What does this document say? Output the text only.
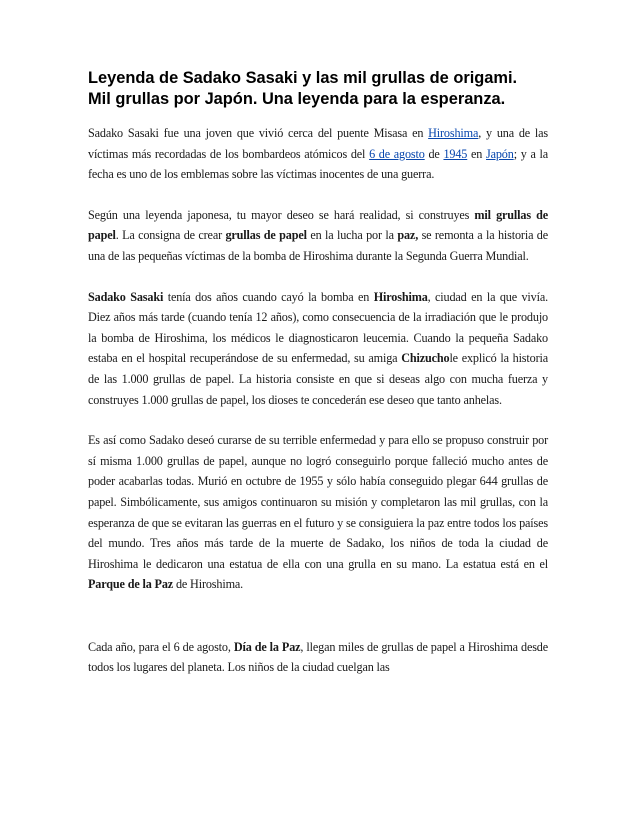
Leyenda de Sadako Sasaki y las mil grullas de origami.
Mil grullas por Japón. Una leyenda para la esperanza.

Sadako Sasaki fue una joven que vivió cerca del puente Misasa en Hiroshima, y una de las víctimas más recordadas de los bombardeos atómicos del 6 de agosto de 1945 en Japón; y a la fecha es uno de los emblemas sobre las víctimas inocentes de una guerra.

Según una leyenda japonesa, tu mayor deseo se hará realidad, si construyes mil grullas de papel. La consigna de crear grullas de papel en la lucha por la paz, se remonta a la historia de una de las pequeñas víctimas de la bomba de Hiroshima durante la Segunda Guerra Mundial.

Sadako Sasaki tenía dos años cuando cayó la bomba en Hiroshima, ciudad en la que vivía. Diez años más tarde (cuando tenía 12 años), como consecuencia de la irradiación que le produjo la bomba de Hiroshima, los médicos le diagnosticaron leucemia. Cuando la pequeña Sadako estaba en el hospital recuperándose de su enfermedad, su amiga Chizuchole explicó la historia de las 1.000 grullas de papel. La historia consiste en que si deseas algo con mucha fuerza y construyes 1.000 grullas de papel, los dioses te concederán ese deseo que tanto anhelas.

Es así como Sadako deseó curarse de su terrible enfermedad y para ello se propuso construir por sí misma 1.000 grullas de papel, aunque no logró conseguirlo porque falleció mucho antes de poder acabarlas todas. Murió en octubre de 1955 y sólo había conseguido plegar 644 grullas de papel. Simbólicamente, sus amigos continuaron su misión y completaron las mil grullas, con la esperanza de que se evitaran las guerras en el futuro y se consiguiera la paz entre todos los países del mundo. Tres años más tarde de la muerte de Sadako, los niños de toda la ciudad de Hiroshima le dedicaron una estatua de ella con una grulla en su mano. La estatua está en el Parque de la Paz de Hiroshima.

Cada año, para el 6 de agosto, Día de la Paz, llegan miles de grullas de papel a Hiroshima desde todos los lugares del planeta. Los niños de la ciudad cuelgan las
